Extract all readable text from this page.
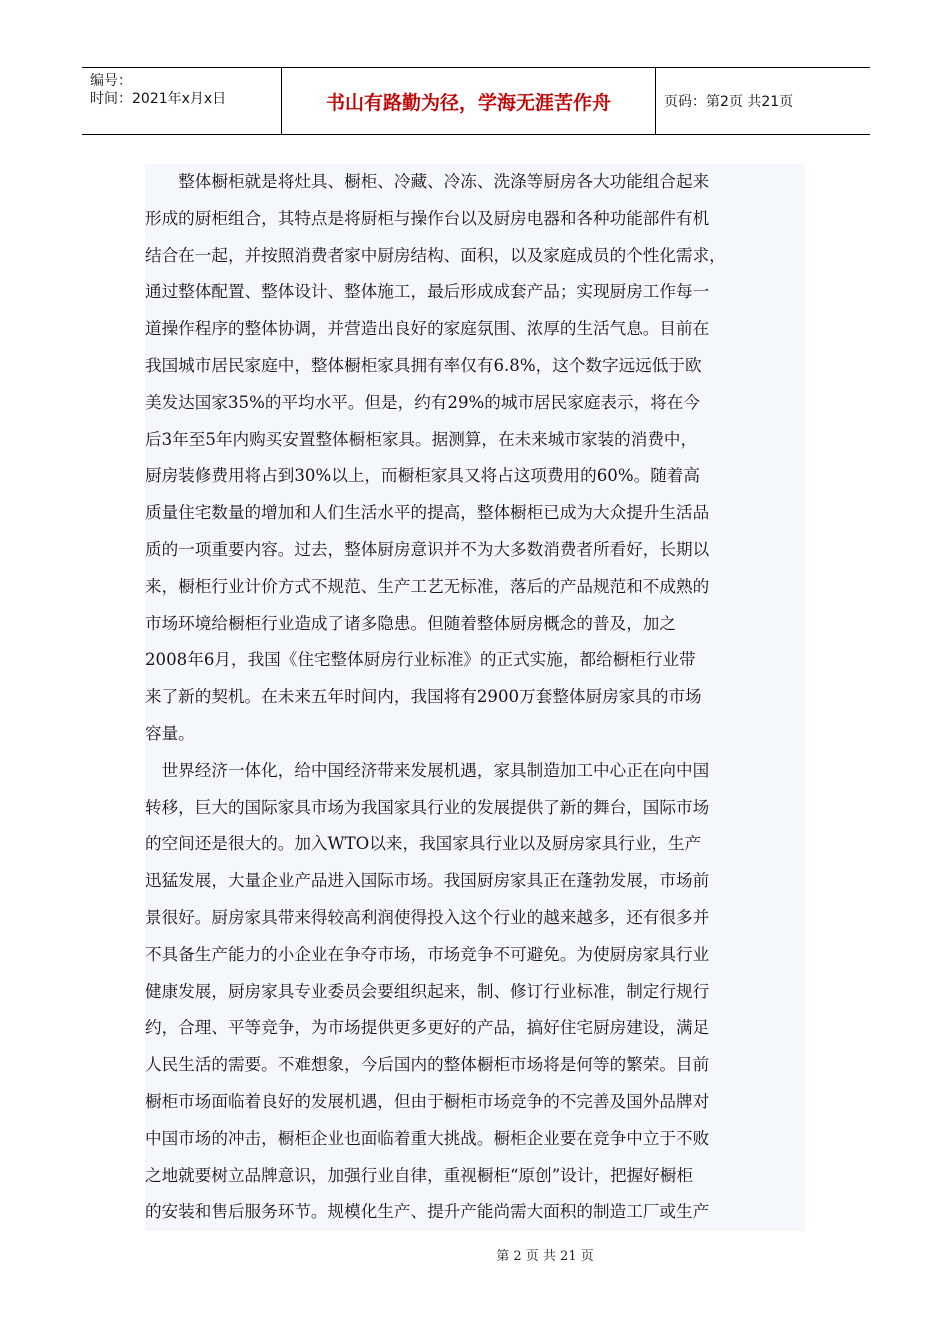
编号：
时间：2021年x月x日	书山有路勤为径，学海无涯苦作舟	页码：第2页 共21页

　　整体橱柜就是将灶具、橱柜、冷藏、冷冻、洗涤等厨房各大功能组合起来

形成的厨柜组合，其特点是将厨柜与操作台以及厨房电器和各种功能部件有机

结合在一起，并按照消费者家中厨房结构、面积，以及家庭成员的个性化需求，

通过整体配置、整体设计、整体施工，最后形成成套产品；实现厨房工作每一

道操作程序的整体协调，并营造出良好的家庭氛围、浓厚的生活气息。目前在

我国城市居民家庭中，整体橱柜家具拥有率仅有6.8%，这个数字远远低于欧

美发达国家35%的平均水平。但是，约有29%的城市居民家庭表示，将在今

后3年至5年内购买安置整体橱柜家具。据测算，在未来城市家装的消费中，

厨房装修费用将占到30%以上，而橱柜家具又将占这项费用的60%。随着高

质量住宅数量的增加和人们生活水平的提高，整体橱柜已成为大众提升生活品

质的一项重要内容。过去，整体厨房意识并不为大多数消费者所看好，长期以

来，橱柜行业计价方式不规范、生产工艺无标准，落后的产品规范和不成熟的

市场环境给橱柜行业造成了诸多隐患。但随着整体厨房概念的普及，加之

2008年6月，我国《住宅整体厨房行业标准》的正式实施，都给橱柜行业带

来了新的契机。在未来五年时间内，我国将有2900万套整体厨房家具的市场

容量。

　世界经济一体化，给中国经济带来发展机遇，家具制造加工中心正在向中国

转移，巨大的国际家具市场为我国家具行业的发展提供了新的舞台，国际市场

的空间还是很大的。加入WTO以来，我国家具行业以及厨房家具行业，生产

迅猛发展，大量企业产品进入国际市场。我国厨房家具正在蓬勃发展，市场前

景很好。厨房家具带来得较高利润使得投入这个行业的越来越多，还有很多并

不具备生产能力的小企业在争夺市场，市场竞争不可避免。为使厨房家具行业

健康发展，厨房家具专业委员会要组织起来，制、修订行业标准，制定行规行

约，合理、平等竞争，为市场提供更多更好的产品，搞好住宅厨房建设，满足

人民生活的需要。不难想象，今后国内的整体橱柜市场将是何等的繁荣。目前

橱柜市场面临着良好的发展机遇，但由于橱柜市场竞争的不完善及国外品牌对

中国市场的冲击，橱柜企业也面临着重大挑战。橱柜企业要在竞争中立于不败

之地就要树立品牌意识，加强行业自律，重视橱柜“原创”设计，把握好橱柜

的安装和售后服务环节。规模化生产、提升产能尚需大面积的制造工厂或生产

第 2 页 共 21 页
